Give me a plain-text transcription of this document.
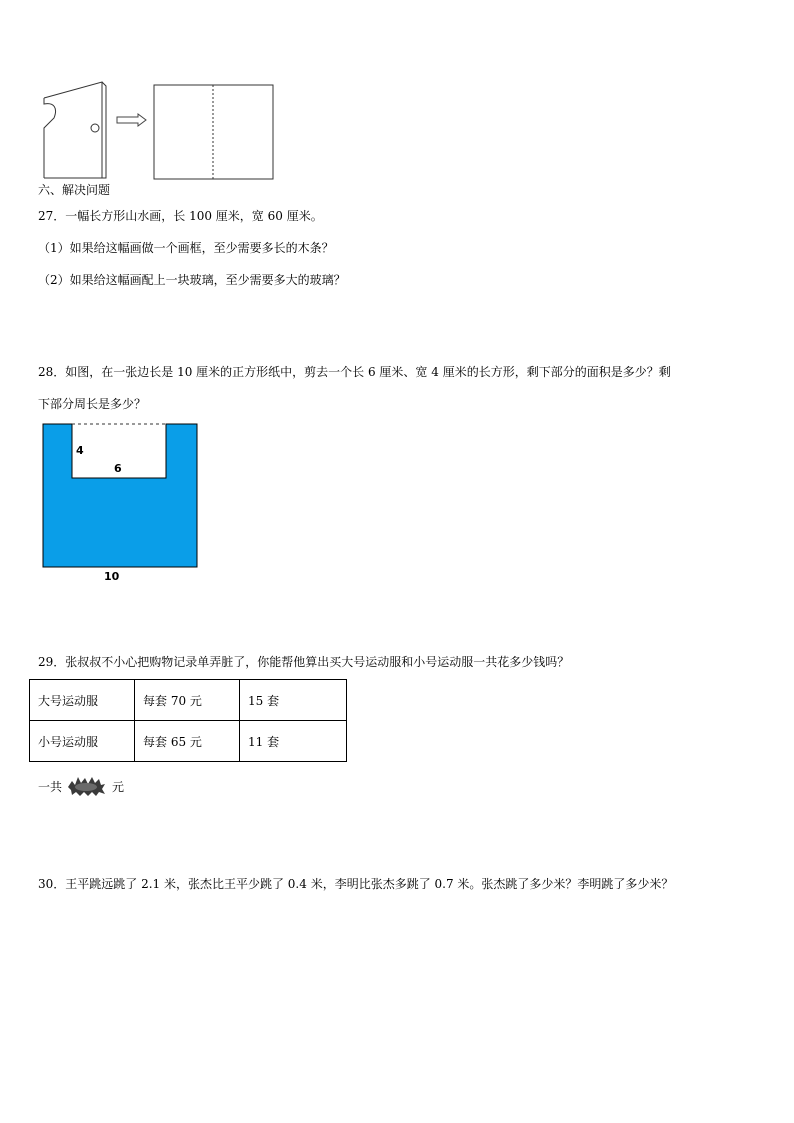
六、解决问题
27．一幅长方形山水画，长 100 厘米，宽 60 厘米。
（1）如果给这幅画做一个画框，至少需要多长的木条？
（2）如果给这幅画配上一块玻璃，至少需要多大的玻璃？
28．如图，在一张边长是 10 厘米的正方形纸中，剪去一个长 6 厘米、宽 4 厘米的长方形，剩下部分的面积是多少？剩
下部分周长是多少？
4
6
10
29．张叔叔不小心把购物记录单弄脏了，你能帮他算出买大号运动服和小号运动服一共花多少钱吗？
大号运动服	每套 70 元	15 套
小号运动服	每套 65 元	11 套
一共	元
30．王平跳远跳了 2.1 米，张杰比王平少跳了 0.4 米，李明比张杰多跳了 0.7 米。张杰跳了多少米？李明跳了多少米？
